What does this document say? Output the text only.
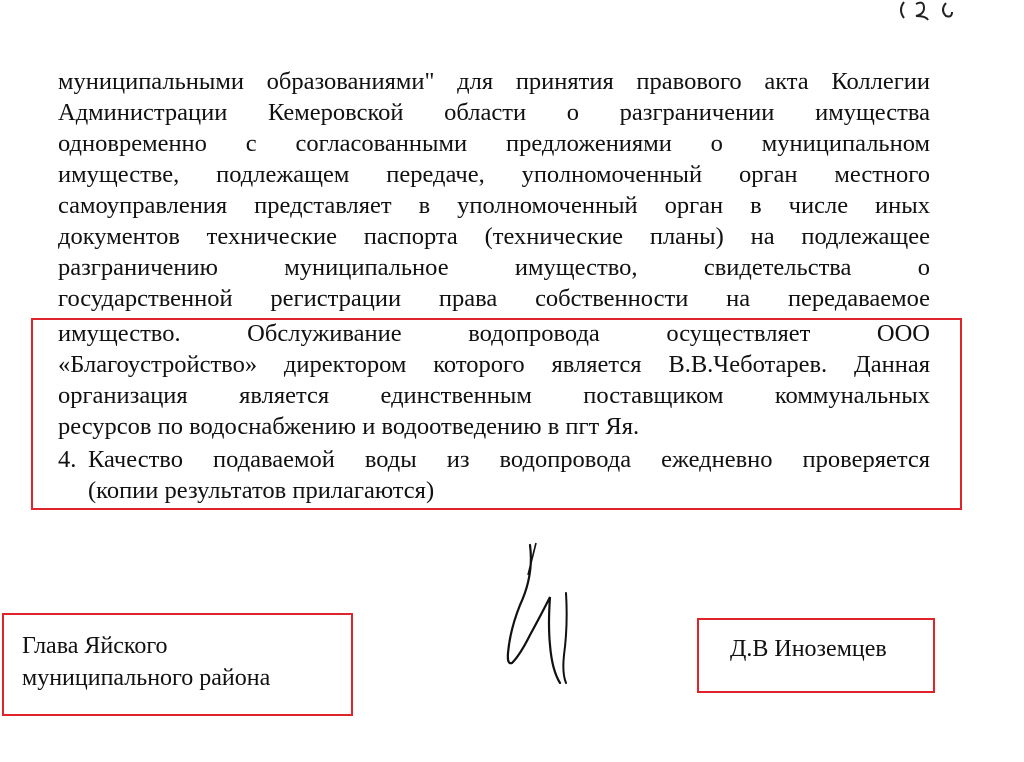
муниципальными образованиями" для принятия правового акта Коллегии
Администрации Кемеровской области о разграничении имущества
одновременно с согласованными предложениями о муниципальном
имуществе, подлежащем передаче, уполномоченный орган местного
самоуправления представляет в уполномоченный орган в числе иных
документов технические паспорта (технические планы) на подлежащее
разграничению муниципальное имущество, свидетельства о
государственной регистрации права собственности на передаваемое
имущество. Обслуживание водопровода осуществляет ООО
«Благоустройство» директором которого является В.В.Чеботарев. Данная
организация является единственным поставщиком коммунальных
ресурсов по водоснабжению и водоотведению в пгт Яя.
4. Качество подаваемой воды из водопровода ежедневно проверяется
(копии результатов прилагаются)
Глава Яйского
муниципального района
Д.В Иноземцев
